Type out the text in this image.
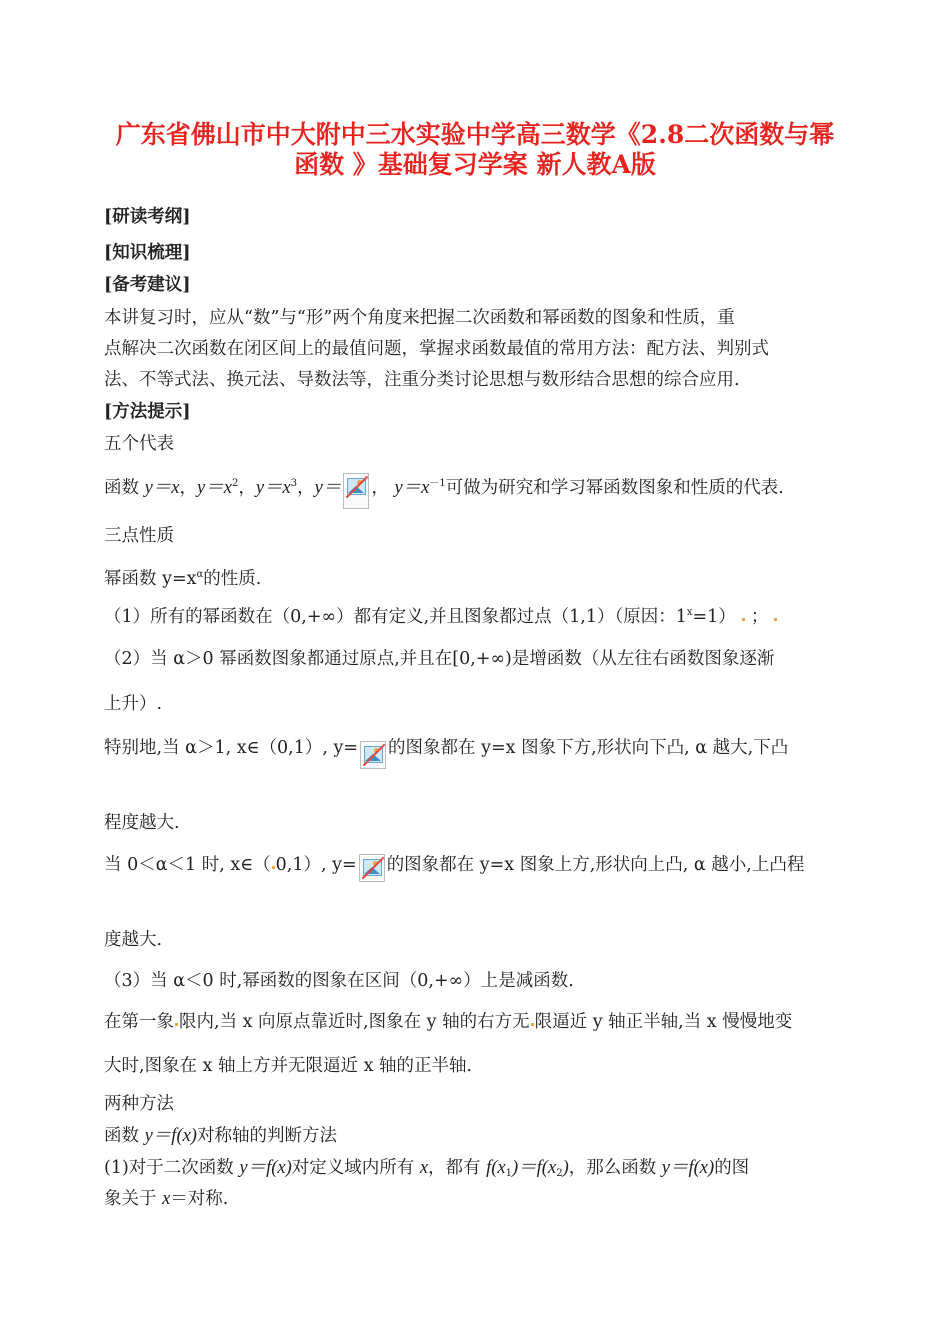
广东省佛山市中大附中三水实验中学高三数学《2.8二次函数与幂
函数 》基础复习学案 新人教A版
[研读考纲]
[知识梳理]
[备考建议]
本讲复习时，应从“数”与“形”两个角度来把握二次函数和幂函数的图象和性质，重
点解决二次函数在闭区间上的最值问题，掌握求函数最值的常用方法：配方法、判别式
法、不等式法、换元法、导数法等，注重分类讨论思想与数形结合思想的综合应用.
[方法提示]
五个代表
函数 y＝x，$y=x^2$，$y=x^3$，y＝ ， $y=x^{-1}$可做为研究和学习幂函数图象和性质的代表.
三点性质
幂函数 $y=x^\alpha$的性质.
（1）所有的幂函数在（0,+∞）都有定义,并且图象都过点（1,1）（原因：$1^x=1$） ；
（2）当 α＞0 幂函数图象都通过原点,并且在[0,+∞)是增函数（从左往右函数图象逐渐
上升）.
特别地,当 α＞1, x∈（0,1）, y= 的图象都在 y=x 图象下方,形状向下凸, α 越大,下凸
程度越大.
当 0＜α＜1 时, x∈（ 0,1）, y= 的图象都在 y=x 图象上方,形状向上凸, α 越小,上凸程
度越大.
（3）当 α＜0 时,幂函数的图象在区间（0,+∞）上是减函数.
在第一象 限内,当 x 向原点靠近时,图象在 y 轴的右方无 限逼近 y 轴正半轴,当 x 慢慢地变
大时,图象在 x 轴上方并无限逼近 x 轴的正半轴.
两种方法
函数 y＝f(x)对称轴的判断方法
(1)对于二次函数 y＝f(x)对定义域内所有 x，都有 $f(x_1)=f(x_2)$，那么函数 y＝f(x)的图
象关于 x＝对称.
